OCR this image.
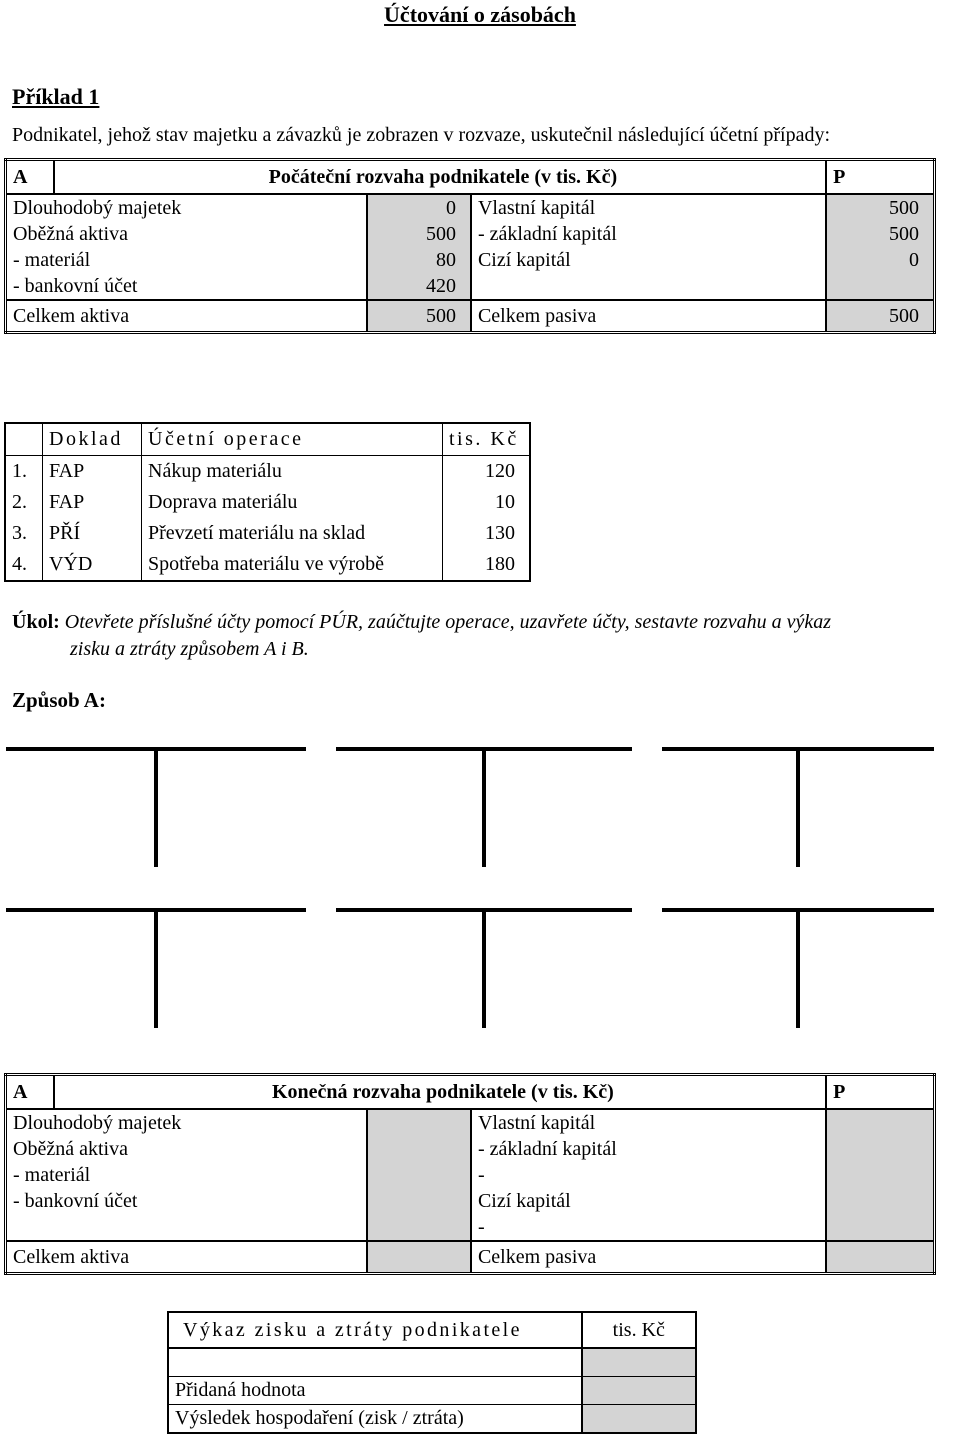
Účtování o zásobách
Příklad 1
Podnikatel, jehož stav majetku a závazků je zobrazen v rozvaze, uskutečnil následující účetní případy:
A	Počáteční rozvaha podnikatele (v tis. Kč)			P
Dlouhodobý majetek		0	Vlastní kapitál	500
Oběžná aktiva		500	- základní kapitál	500
- materiál		80	Cizí kapitál	0
- bankovní účet		420		
Celkem aktiva		500	Celkem pasiva	500
	Doklad	Účetní operace	tis. Kč
1.	FAP	Nákup materiálu	120
2.	FAP	Doprava materiálu	10
3.	PŘÍ	Převzetí materiálu na sklad	130
4.	VÝD	Spotřeba materiálu ve výrobě	180
Úkol: Otevřete příslušné účty pomocí PÚR, zaúčtujte operace, uzavřete účty, sestavte rozvahu a výkaz
zisku a ztráty způsobem A i B.
Způsob A:
A	Konečná rozvaha podnikatele (v tis. Kč)			P
Dlouhodobý majetek			Vlastní kapitál	
Oběžná aktiva			- základní kapitál	
- materiál			-	
- bankovní účet			Cizí kapitál	
			-	
Celkem aktiva			Celkem pasiva	
Výkaz zisku a ztráty podnikatele	tis. Kč

Přidaná hodnota	
Výsledek hospodaření (zisk / ztráta)	
